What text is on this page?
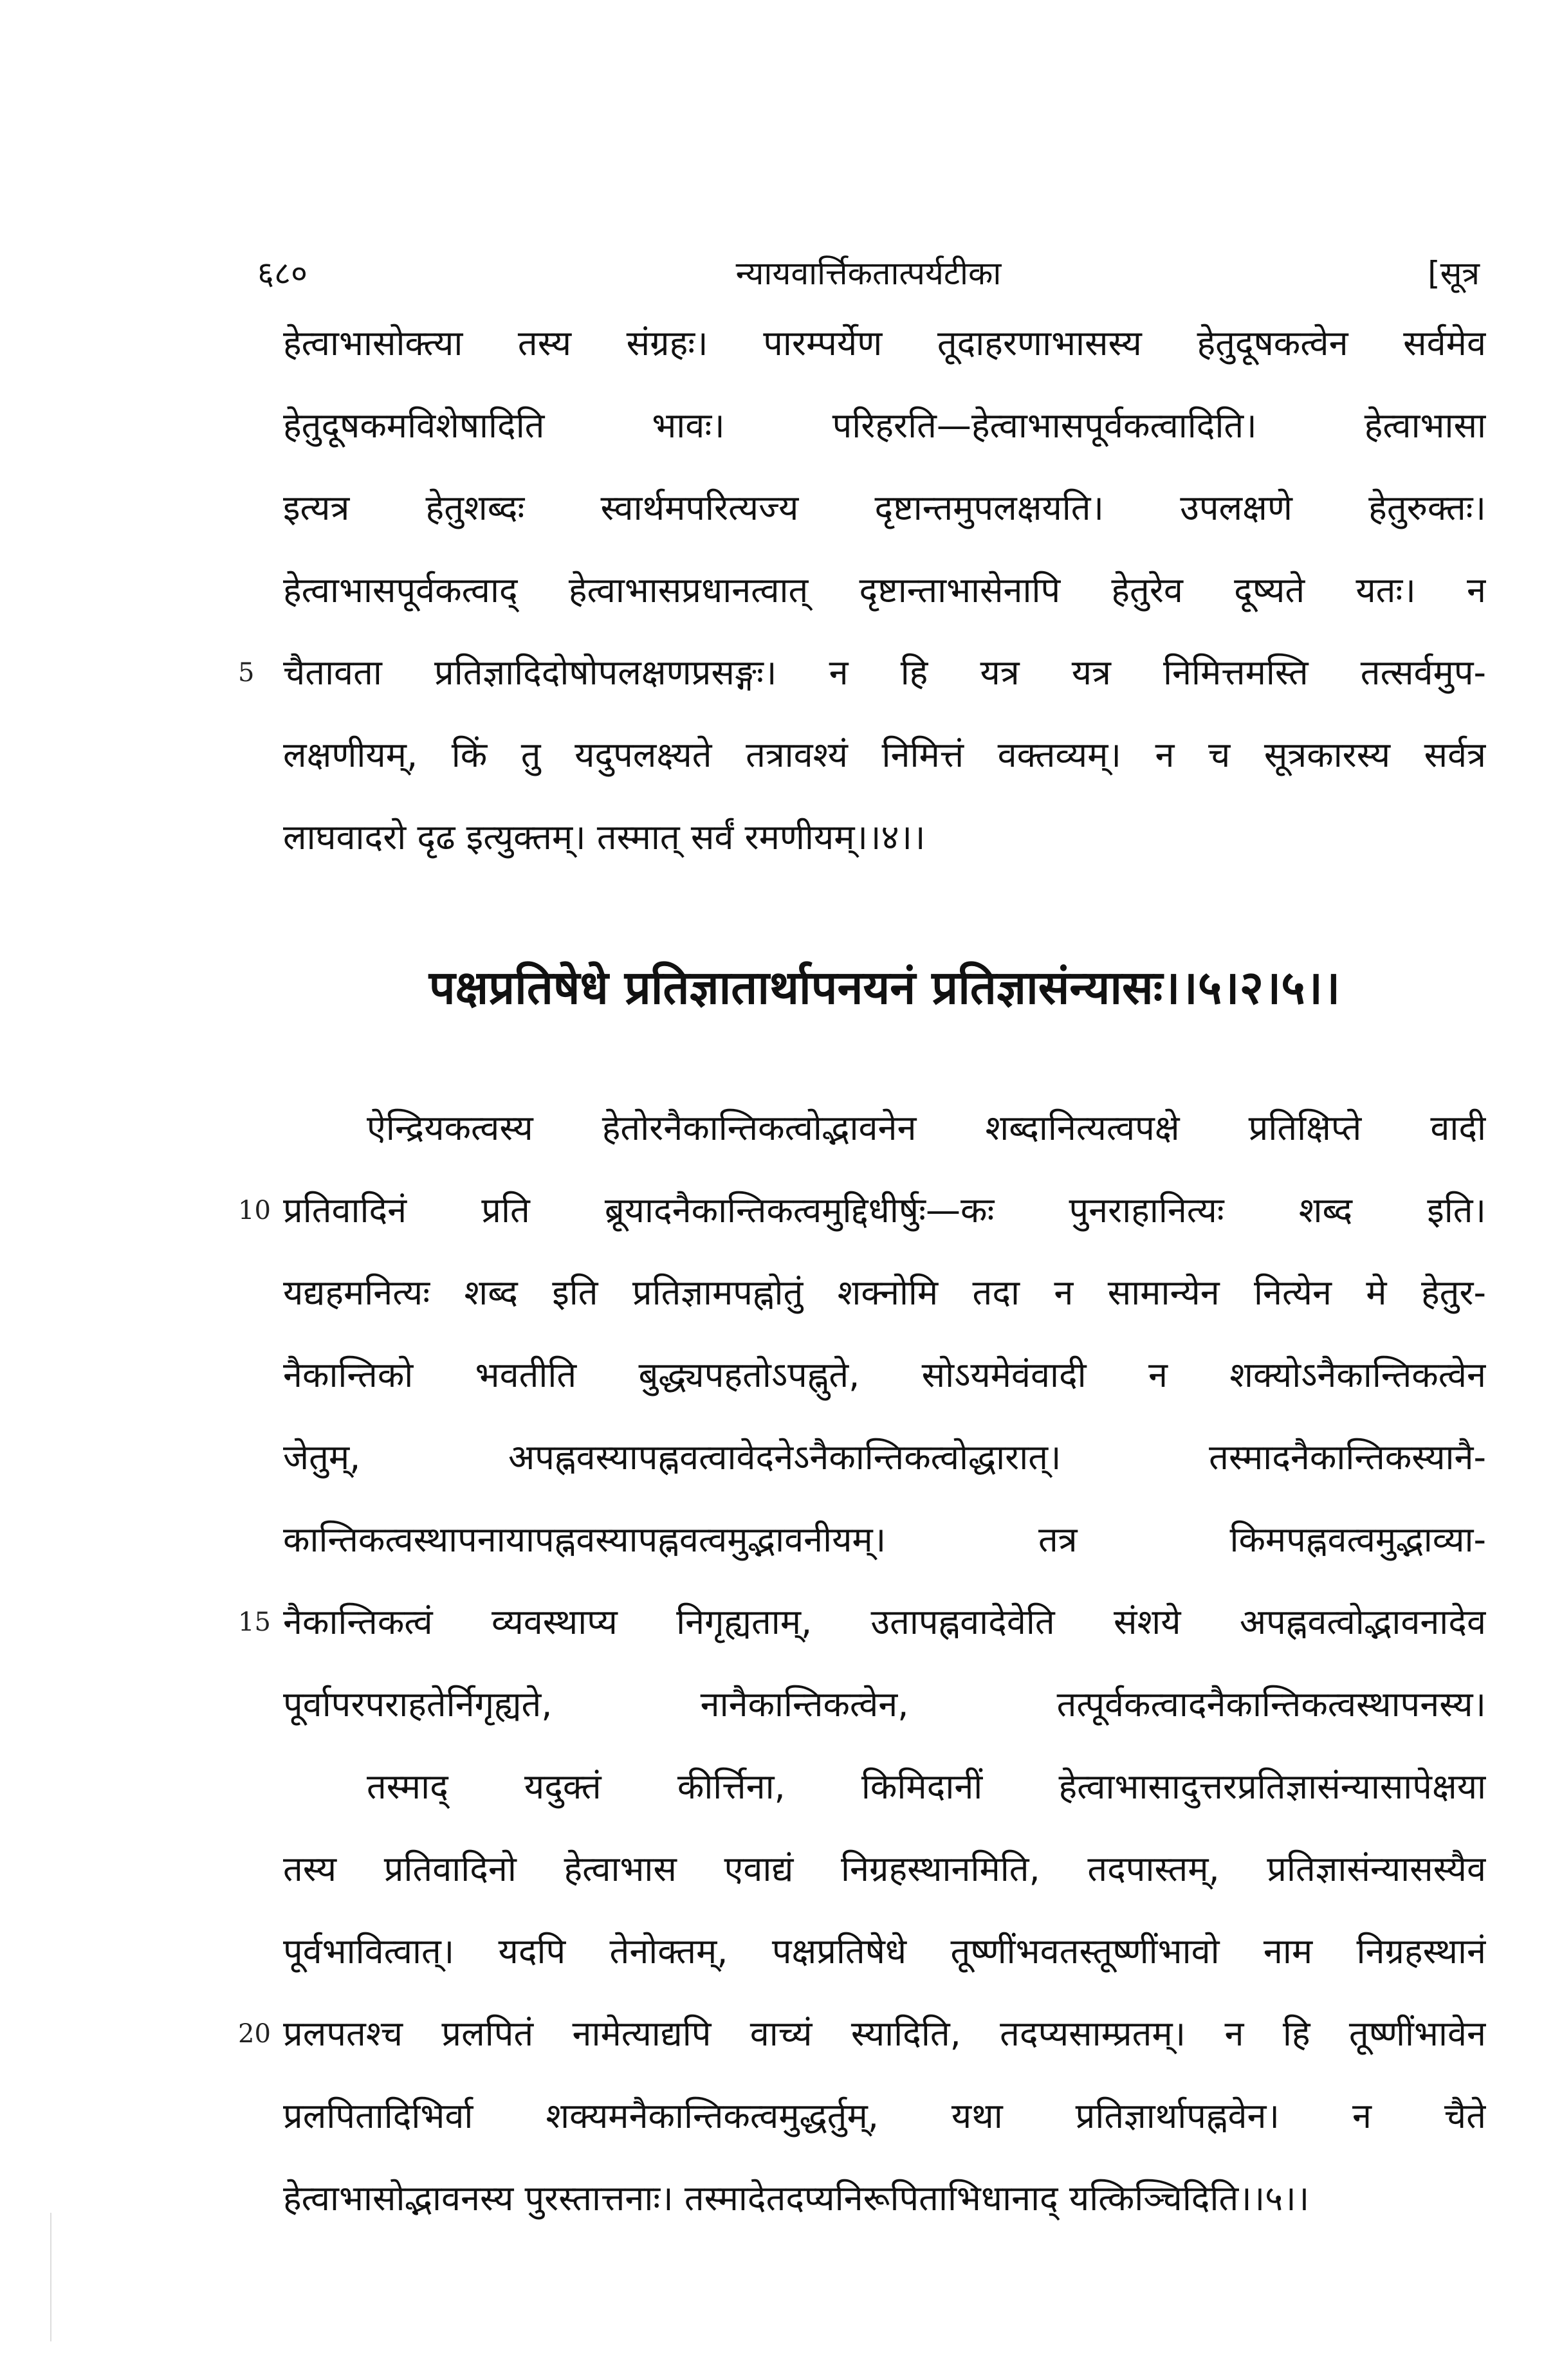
६८०	न्यायवार्त्तिकतात्पर्यटीका	[सूत्र
हेत्वाभासोक्त्या तस्य संग्रहः। पारम्पर्येण तूदाहरणाभासस्य हेतुदूषकत्वेन सर्वमेव
हेतुदूषकमविशेषादिति भावः। परिहरति—हेत्वाभासपूर्वकत्वादिति। हेत्वाभासा
इत्यत्र हेतुशब्दः स्वार्थमपरित्यज्य दृष्टान्तमुपलक्षयति। उपलक्षणे हेतुरुक्तः।
हेत्वाभासपूर्वकत्वाद् हेत्वाभासप्रधानत्वात् दृष्टान्ताभासेनापि हेतुरेव दूष्यते यतः। न
5 चैतावता प्रतिज्ञादिदोषोपलक्षणप्रसङ्गः। न हि यत्र यत्र निमित्तमस्ति तत्सर्वमुप-
लक्षणीयम्, किं तु यदुपलक्ष्यते तत्रावश्यं निमित्तं वक्तव्यम्। न च सूत्रकारस्य सर्वत्र
लाघवादरो दृढ इत्युक्तम्। तस्मात् सर्वं रमणीयम्।।४।।
पक्षप्रतिषेधे प्रतिज्ञातार्थापनयनं प्रतिज्ञासंन्यासः।।५।२।५।।
ऐन्द्रियकत्वस्य हेतोरनैकान्तिकत्वोद्भावनेन शब्दानित्यत्वपक्षे प्रतिक्षिप्ते वादी
10 प्रतिवादिनं प्रति ब्रूयादनैकान्तिकत्वमुद्दिधीर्षुः—कः पुनराहानित्यः शब्द इति।
यद्यहमनित्यः शब्द इति प्रतिज्ञामपह्नोतुं शक्नोमि तदा न सामान्येन नित्येन मे हेतुर-
नैकान्तिको भवतीति बुद्ध्यपहतोऽपह्नुते, सोऽयमेवंवादी न शक्योऽनैकान्तिकत्वेन
जेतुम्, अपह्नवस्यापह्नवत्वावेदनेऽनैकान्तिकत्वोद्धारात्। तस्मादनैकान्तिकस्यानै-
कान्तिकत्वस्थापनायापह्नवस्यापह्नवत्वमुद्भावनीयम्। तत्र किमपह्नवत्वमुद्भाव्या-
15 नैकान्तिकत्वं व्यवस्थाप्य निगृह्यताम्, उतापह्नवादेवेति संशये अपह्नवत्वोद्भावनादेव
पूर्वापरपराहतेर्निगृह्यते, नानैकान्तिकत्वेन, तत्पूर्वकत्वादनैकान्तिकत्वस्थापनस्य।
तस्माद् यदुक्तं कीर्त्तिना, किमिदानीं हेत्वाभासादुत्तरप्रतिज्ञासंन्यासापेक्षया
तस्य प्रतिवादिनो हेत्वाभास एवाद्यं निग्रहस्थानमिति, तदपास्तम्, प्रतिज्ञासंन्यासस्यैव
पूर्वभावित्वात्। यदपि तेनोक्तम्, पक्षप्रतिषेधे तूष्णींभवतस्तूष्णींभावो नाम निग्रहस्थानं
20 प्रलपतश्च प्रलपितं नामेत्याद्यपि वाच्यं स्यादिति, तदप्यसाम्प्रतम्। न हि तूष्णींभावेन
प्रलपितादिभिर्वा शक्यमनैकान्तिकत्वमुद्धर्तुम्, यथा प्रतिज्ञार्थापह्नवेन। न चैते
हेत्वाभासोद्भावनस्य पुरस्तात्तनाः। तस्मादेतदप्यनिरूपिताभिधानाद् यत्किञ्चिदिति।।५।।
